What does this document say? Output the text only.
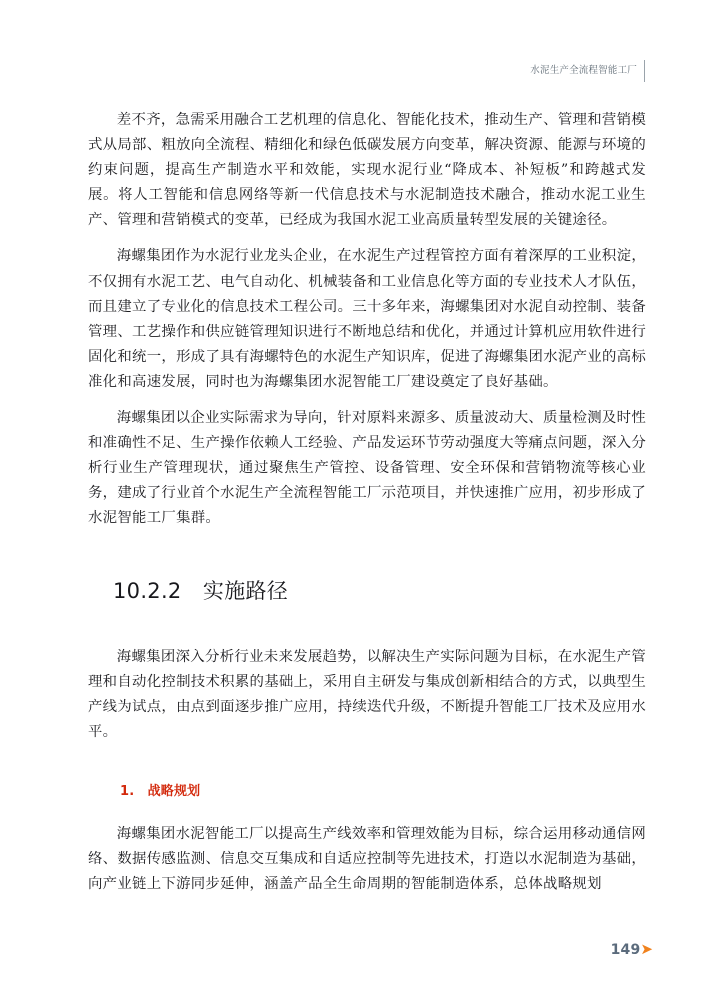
水泥生产全流程智能工厂

差不齐，急需采用融合工艺机理的信息化、智能化技术，推动生产、管理和营销模式从局部、粗放向全流程、精细化和绿色低碳发展方向变革，解决资源、能源与环境的约束问题，提高生产制造水平和效能，实现水泥行业“降成本、补短板”和跨越式发展。将人工智能和信息网络等新一代信息技术与水泥制造技术融合，推动水泥工业生产、管理和营销模式的变革，已经成为我国水泥工业高质量转型发展的关键途径。

海螺集团作为水泥行业龙头企业，在水泥生产过程管控方面有着深厚的工业积淀，不仅拥有水泥工艺、电气自动化、机械装备和工业信息化等方面的专业技术人才队伍，而且建立了专业化的信息技术工程公司。三十多年来，海螺集团对水泥自动控制、装备管理、工艺操作和供应链管理知识进行不断地总结和优化，并通过计算机应用软件进行固化和统一，形成了具有海螺特色的水泥生产知识库，促进了海螺集团水泥产业的高标准化和高速发展，同时也为海螺集团水泥智能工厂建设奠定了良好基础。

海螺集团以企业实际需求为导向，针对原料来源多、质量波动大、质量检测及时性和准确性不足、生产操作依赖人工经验、产品发运环节劳动强度大等痛点问题，深入分析行业生产管理现状，通过聚焦生产管控、设备管理、安全环保和营销物流等核心业务，建成了行业首个水泥生产全流程智能工厂示范项目，并快速推广应用，初步形成了水泥智能工厂集群。

10.2.2　实施路径

海螺集团深入分析行业未来发展趋势，以解决生产实际问题为目标，在水泥生产管理和自动化控制技术积累的基础上，采用自主研发与集成创新相结合的方式，以典型生产线为试点，由点到面逐步推广应用，持续迭代升级，不断提升智能工厂技术及应用水平。

1.　战略规划

海螺集团水泥智能工厂以提高生产线效率和管理效能为目标，综合运用移动通信网络、数据传感监测、信息交互集成和自适应控制等先进技术，打造以水泥制造为基础，向产业链上下游同步延伸，涵盖产品全生命周期的智能制造体系，总体战略规划

149 ➤
